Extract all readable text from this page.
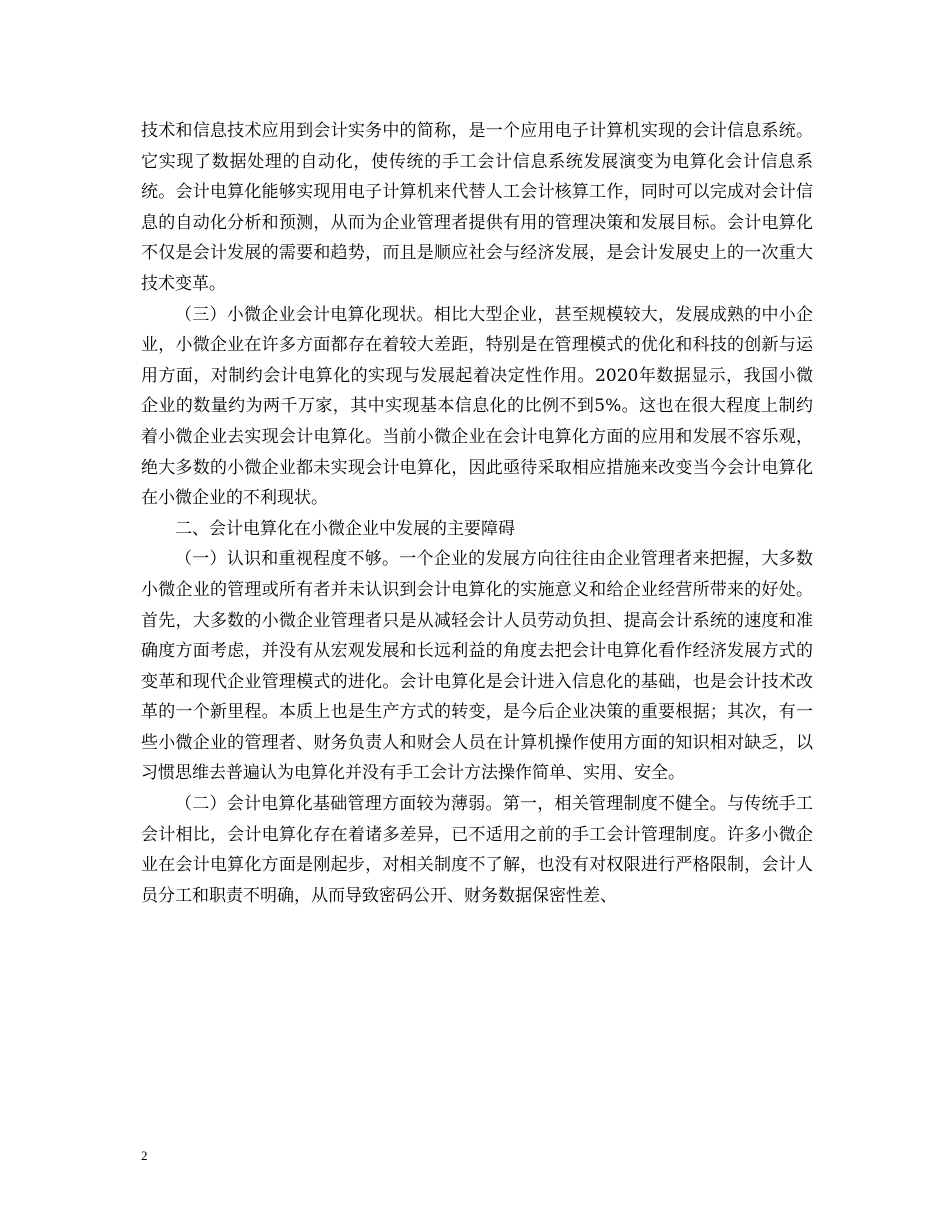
技术和信息技术应用到会计实务中的简称，是一个应用电子计算机实现的会计信息系统。它实现了数据处理的自动化，使传统的手工会计信息系统发展演变为电算化会计信息系统。会计电算化能够实现用电子计算机来代替人工会计核算工作，同时可以完成对会计信息的自动化分析和预测，从而为企业管理者提供有用的管理决策和发展目标。会计电算化不仅是会计发展的需要和趋势，而且是顺应社会与经济发展，是会计发展史上的一次重大技术变革。

（三）小微企业会计电算化现状。相比大型企业，甚至规模较大，发展成熟的中小企业，小微企业在许多方面都存在着较大差距，特别是在管理模式的优化和科技的创新与运用方面，对制约会计电算化的实现与发展起着决定性作用。2020年数据显示，我国小微企业的数量约为两千万家，其中实现基本信息化的比例不到5%。这也在很大程度上制约着小微企业去实现会计电算化。当前小微企业在会计电算化方面的应用和发展不容乐观，绝大多数的小微企业都未实现会计电算化，因此亟待采取相应措施来改变当今会计电算化在小微企业的不利现状。

二、会计电算化在小微企业中发展的主要障碍

（一）认识和重视程度不够。一个企业的发展方向往往由企业管理者来把握，大多数小微企业的管理或所有者并未认识到会计电算化的实施意义和给企业经营所带来的好处。首先，大多数的小微企业管理者只是从减轻会计人员劳动负担、提高会计系统的速度和准确度方面考虑，并没有从宏观发展和长远利益的角度去把会计电算化看作经济发展方式的变革和现代企业管理模式的进化。会计电算化是会计进入信息化的基础，也是会计技术改革的一个新里程。本质上也是生产方式的转变，是今后企业决策的重要根据；其次，有一些小微企业的管理者、财务负责人和财会人员在计算机操作使用方面的知识相对缺乏，以习惯思维去普遍认为电算化并没有手工会计方法操作简单、实用、安全。

（二）会计电算化基础管理方面较为薄弱。第一，相关管理制度不健全。与传统手工会计相比，会计电算化存在着诸多差异，已不适用之前的手工会计管理制度。许多小微企业在会计电算化方面是刚起步，对相关制度不了解，也没有对权限进行严格限制，会计人员分工和职责不明确，从而导致密码公开、财务数据保密性差、

2
